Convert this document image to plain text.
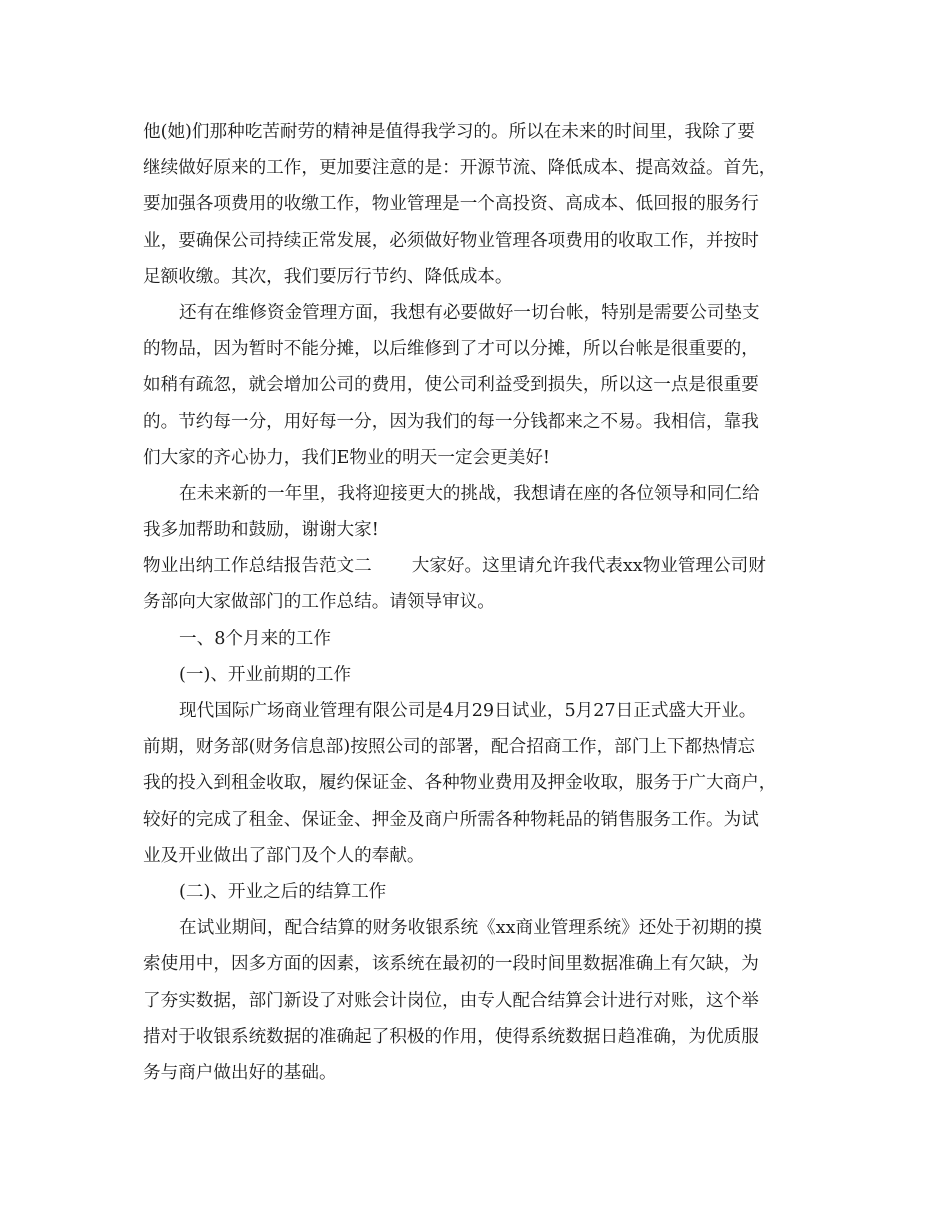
他(她)们那种吃苦耐劳的精神是值得我学习的。所以在未来的时间里，我除了要
继续做好原来的工作，更加要注意的是：开源节流、降低成本、提高效益。首先，
要加强各项费用的收缴工作，物业管理是一个高投资、高成本、低回报的服务行
业，要确保公司持续正常发展，必须做好物业管理各项费用的收取工作，并按时
足额收缴。其次，我们要厉行节约、降低成本。
还有在维修资金管理方面，我想有必要做好一切台帐，特别是需要公司垫支
的物品，因为暂时不能分摊，以后维修到了才可以分摊，所以台帐是很重要的，
如稍有疏忽，就会增加公司的费用，使公司利益受到损失，所以这一点是很重要
的。节约每一分，用好每一分，因为我们的每一分钱都来之不易。我相信，靠我
们大家的齐心协力，我们E物业的明天一定会更美好!
在未来新的一年里，我将迎接更大的挑战，我想请在座的各位领导和同仁给
我多加帮助和鼓励，谢谢大家!
物业出纳工作总结报告范文二 大家好。这里请允许我代表xx物业管理公司财
务部向大家做部门的工作总结。请领导审议。
一、8个月来的工作
(一)、开业前期的工作
现代国际广场商业管理有限公司是4月29日试业，5月27日正式盛大开业。
前期，财务部(财务信息部)按照公司的部署，配合招商工作，部门上下都热情忘
我的投入到租金收取，履约保证金、各种物业费用及押金收取，服务于广大商户，
较好的完成了租金、保证金、押金及商户所需各种物耗品的销售服务工作。为试
业及开业做出了部门及个人的奉献。
(二)、开业之后的结算工作
在试业期间，配合结算的财务收银系统《xx商业管理系统》还处于初期的摸
索使用中，因多方面的因素，该系统在最初的一段时间里数据准确上有欠缺，为
了夯实数据，部门新设了对账会计岗位，由专人配合结算会计进行对账，这个举
措对于收银系统数据的准确起了积极的作用，使得系统数据日趋准确，为优质服
务与商户做出好的基础。
